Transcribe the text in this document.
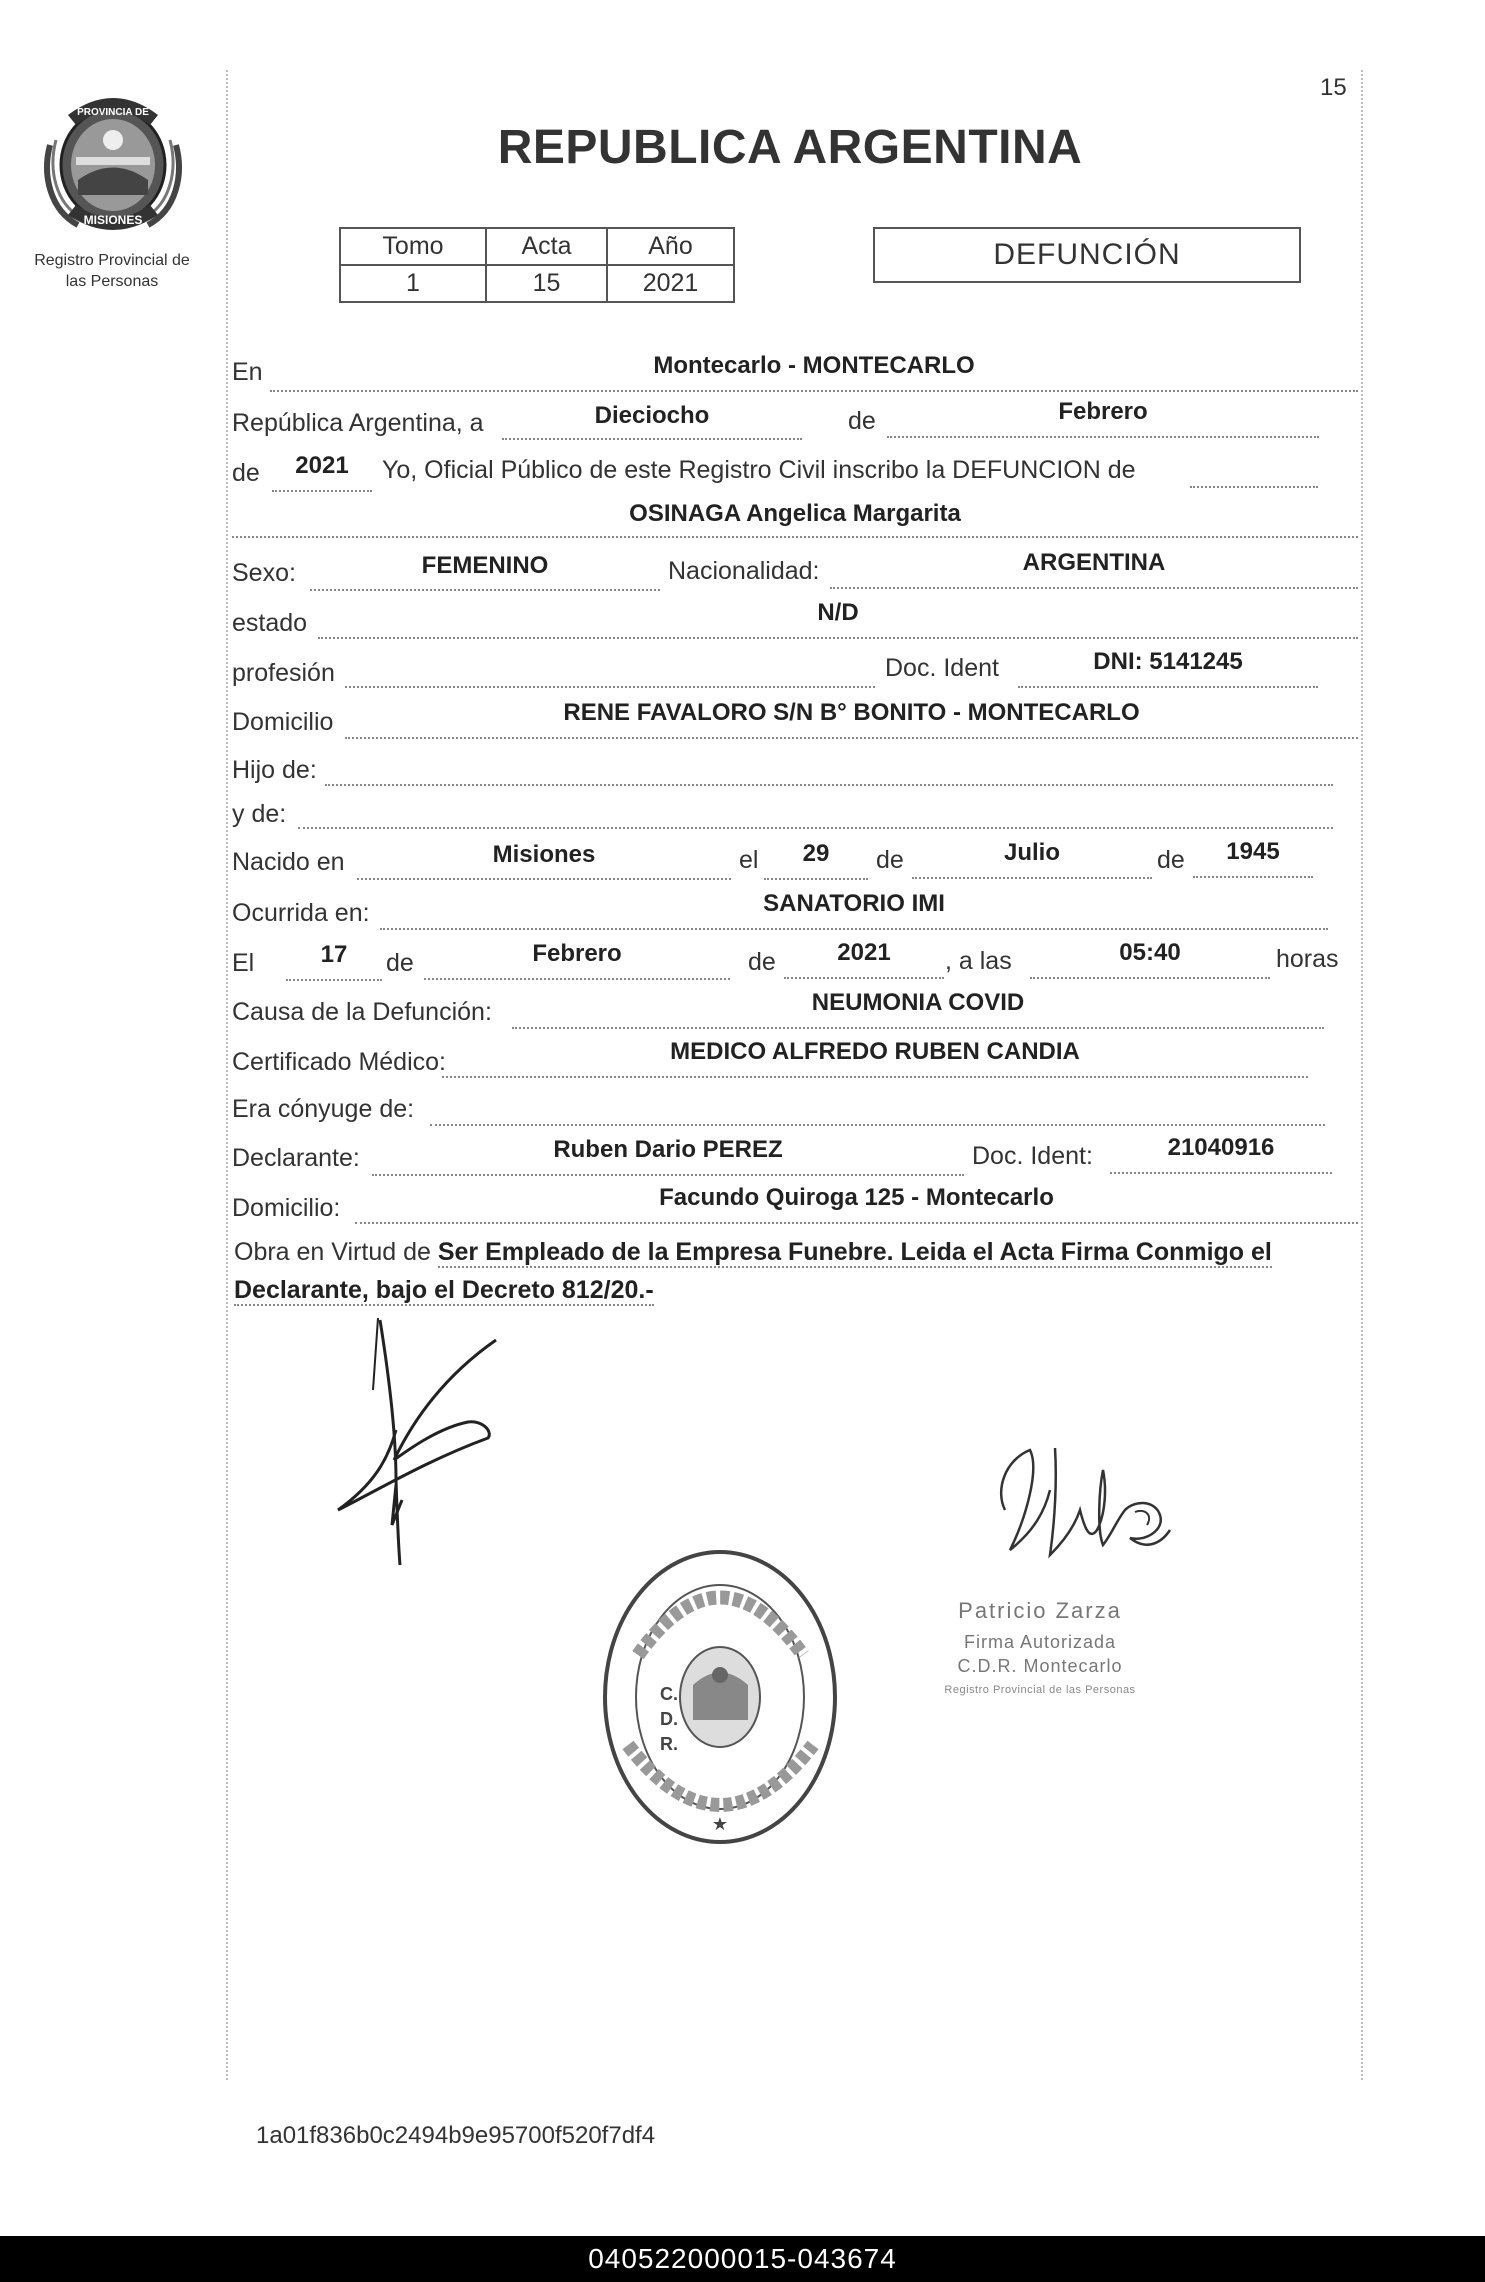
15
PROVINCIA DE
MISIONES
Registro Provincial de
las Personas
REPUBLICA ARGENTINA
Tomo	Acta	Año
1	15	2021
DEFUNCIÓN
En	Montecarlo - MONTECARLO
República Argentina, a	Dieciocho	de	Febrero
de	2021	Yo, Oficial Público de este Registro Civil inscribo la DEFUNCION de
OSINAGA Angelica Margarita
Sexo:	FEMENINO	Nacionalidad:	ARGENTINA
estado	N/D
profesión	Doc. Ident	DNI: 5141245
Domicilio	RENE FAVALORO S/N B° BONITO - MONTECARLO
Hijo de:
y de:
Nacido en	Misiones	el	29	de	Julio	de	1945
Ocurrida en:	SANATORIO IMI
El	17	de	Febrero	de	2021	, a las	05:40	horas
Causa de la Defunción:	NEUMONIA COVID
Certificado Médico:	MEDICO ALFREDO RUBEN CANDIA
Era cónyuge de:
Declarante:	Ruben Dario PEREZ	Doc. Ident:	21040916
Domicilio:	Facundo Quiroga 125 - Montecarlo
Obra en Virtud de Ser Empleado de la Empresa Funebre. Leida el Acta Firma Conmigo el
Declarante, bajo el Decreto 812/20.-
C.
D.
R.
★
Patricio Zarza
Firma Autorizada
C.D.R. Montecarlo
Registro Provincial de las Personas
1a01f836b0c2494b9e95700f520f7df4
040522000015-043674
